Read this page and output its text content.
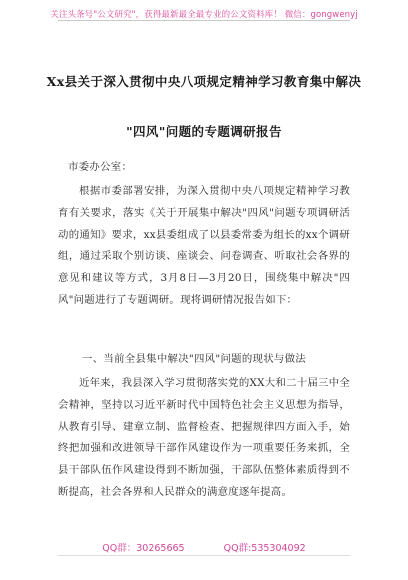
关注头条号"公文研究"，获得最新最全最专业的公文资料库！ 微信：gongwenyj
Xx县关于深入贯彻中央八项规定精神学习教育集中解决
"四风"问题的专题调研报告
市委办公室：
根据市委部署安排，为深入贯彻中央八项规定精神学习教育有关要求，落实《关于开展集中解决"四风"问题专项调研活动的通知》要求，xx县委组成了以县委常委为组长的xx个调研组，通过采取个别访谈、座谈会、问卷调查、听取社会各界的意见和建议等方式，3月8日—3月20日，围绕集中解决"四风"问题进行了专题调研。现将调研情况报告如下：
一、当前全县集中解决"四风"问题的现状与做法
近年来，我县深入学习贯彻落实党的XX大和二十届三中全会精神，坚持以习近平新时代中国特色社会主义思想为指导，从教育引导、建章立制、监督检查、把握规律四方面入手，始终把加强和改进领导干部作风建设作为一项重要任务来抓，全县干部队伍作风建设得到不断加强，干部队伍整体素质得到不断提高，社会各界和人民群众的满意度逐年提高。
QQ群：30265665	QQ群:535304092
